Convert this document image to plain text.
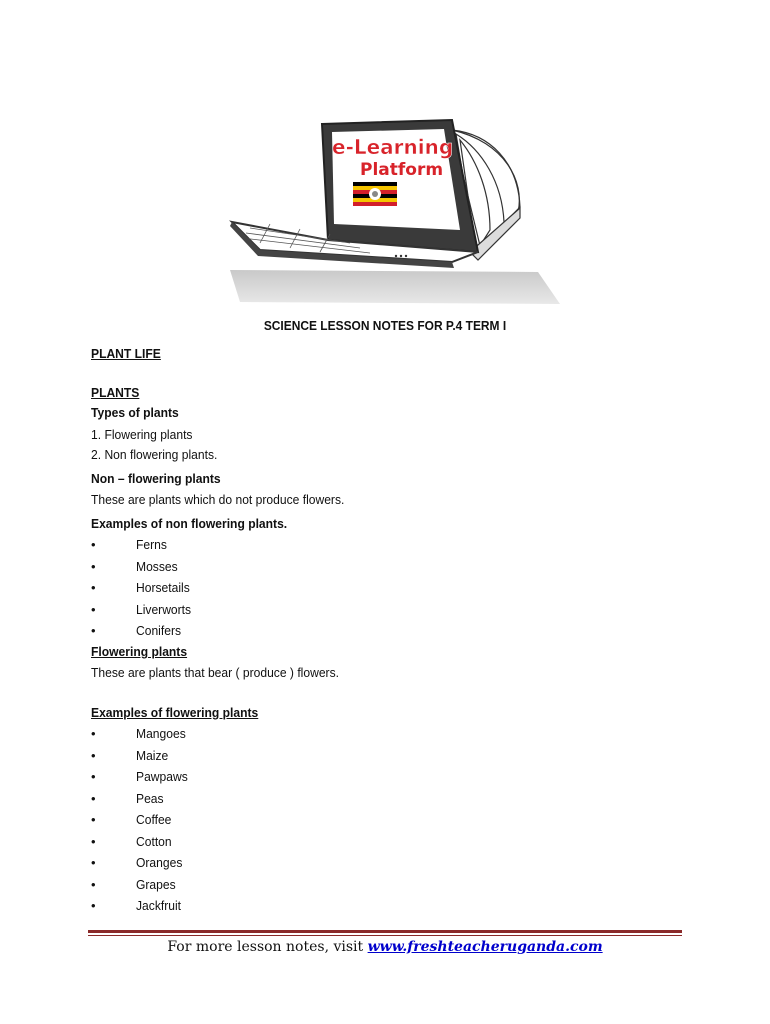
e-Learning
Platform
SCIENCE LESSON NOTES FOR P.4 TERM I
PLANT LIFE
PLANTS
Types of plants
1. Flowering plants
2. Non flowering plants.
Non – flowering plants
These are plants which do not produce flowers.
Examples of non flowering plants.
•	Ferns
•	Mosses
•	Horsetails
•	Liverworts
•	Conifers
Flowering plants
These are plants that bear ( produce ) flowers.
Examples of flowering plants
•	Mangoes
•	Maize
•	Pawpaws
•	Peas
•	Coffee
•	Cotton
•	Oranges
•	Grapes
•	Jackfruit
For more lesson notes, visit www.freshteacheruganda.com
